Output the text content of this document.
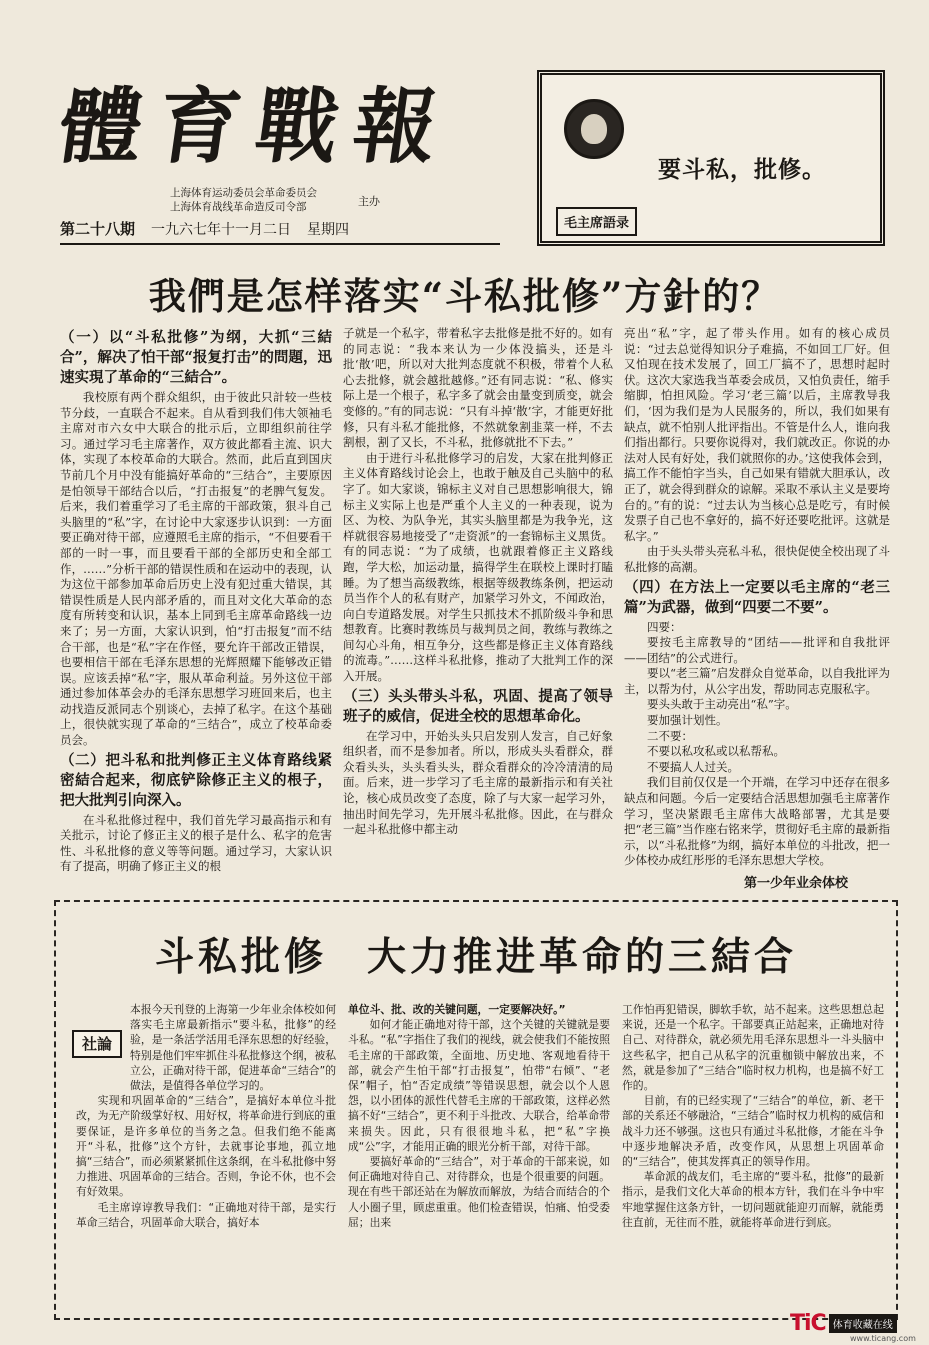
體 育 戰 報
上海体育运动委员会革命委员会
上海体育战线革命造反司令部	主办
第二十八期 一九六七年十一月二日 星期四	毛主席語录
要斗私，批修。
我們是怎样落实“斗私批修”方針的？
（一）以“斗私批修”为纲，大抓“三結合”，解决了怕干部“报复打击”的問題，迅速实現了革命的“三結合”。

我校原有两个群众組织，由于彼此只計较一些枝节分歧，一直联合不起来。自从看到我们伟大领袖毛主席对市六女中大联合的批示后，立即组织前往学习。通过学习毛主席著作，双方彼此都看主流、识大体，实现了本校革命的大联合。然而，此后直到国庆节前几个月中没有能搞好革命的“三结合”，主要原因是怕领导干部结合以后，“打击报复”的老脾气复发。后来，我们着重学习了毛主席的干部政策，狠斗自己头脑里的“私”字，在讨论中大家逐步认识到：一方面要正确对待干部，应遵照毛主席的指示，“不但要看干部的一时一事，而且要看干部的全部历史和全部工作，……”分析干部的错误性质和在运动中的表现，认为这位干部参加革命后历史上没有犯过重大错误，其错误性质是人民内部矛盾的，而且对文化大革命的态度有所转变和认识，基本上同到毛主席革命路线一边来了；另一方面，大家认识到，怕“打击报复”而不结合干部，也是“私”字在作怪，要允许干部改正错误，也要相信干部在毛泽东思想的光辉照耀下能够改正错误。应该丢掉“私”字，服从革命利益。另外这位干部通过参加体革会办的毛泽东思想学习班回来后，也主动找造反派同志个别谈心，去掉了私字。在这个基础上，很快就实现了革命的“三结合”，成立了校革命委员会。

（二）把斗私和批判修正主义体育路线紧密結合起来，彻底铲除修正主义的根子，把大批判引向深入。

在斗私批修过程中，我们首先学习最高指示和有关批示，讨论了修正主义的根子是什么、私字的危害性、斗私批修的意义等等问题。通过学习，大家认识有了提高，明确了修正主义的根

子就是一个私字，带着私字去批修是批不好的。如有的同志说：“我本来认为一少体没搞头，还是斗批‘散’吧，所以对大批判态度就不积极，带着个人私心去批修，就会越批越修。”还有同志说：“私、修实际上是一个根子，私字多了就会由量变到质变，就会变修的。”有的同志说：“只有斗掉‘散’字，才能更好批修，只有斗私才能批修，不然就象割韭菜一样，不去割根，割了又长，不斗私，批修就批不下去。”

由于进行斗私批修学习的启发，大家在批判修正主义体育路线讨论会上，也敢于触及自己头脑中的私字了。如大家谈，锦标主义对自己思想影响很大，锦标主义实际上也是严重个人主义的一种表现，说为区、为校、为队争光，其实头脑里都是为我争光，这样就很容易地接受了“走资派”的一套锦标主义黑货。有的同志说：“为了成绩，也就跟着修正主义路线跑，学大松，加运动量，搞得学生在联校上课时打瞌睡。为了想当高级教练，根据等级教练条例，把运动员当作个人的私有财产，加紧学习外文，不闻政治，向白专道路发展。对学生只抓技术不抓阶级斗争和思想教育。比赛时教练员与裁判员之间，教练与教练之间勾心斗角，相互争分，这些都是修正主义体育路线的流毒。”……这样斗私批修，推动了大批判工作的深入开展。

（三）头头带头斗私，巩固、提高了领导班子的威信，促进全校的思想革命化。

在学习中，开始头头只启发别人发言，自己好象组织者，而不是参加者。所以，形成头头看群众，群众看头头，头头看头头，群众看群众的冷冷清清的局面。后来，进一步学习了毛主席的最新指示和有关社论，核心成员改变了态度，除了与大家一起学习外，抽出时间先学习，先开展斗私批修。因此，在与群众一起斗私批修中都主动

亮出“私”字，起了带头作用。如有的核心成员说：“过去总觉得知识分子难搞，不如回工厂好。但又怕现在技术发展了，回工厂搞不了，思想时起时伏。这次大家选我当革委会成员，又怕负责任，缩手缩脚，怕担风险。学习‘老三篇’以后，主席教导我们，‘因为我们是为人民服务的，所以，我们如果有缺点，就不怕别人批评指出。不管是什么人，谁向我们指出都行。只要你说得对，我们就改正。你说的办法对人民有好处，我们就照你的办。’这使我体会到，搞工作不能怕字当头，自己如果有错就大胆承认，改正了，就会得到群众的谅解。采取不承认主义是要垮台的。”有的说：“过去认为当核心总是吃亏，有时候发票子自己也不拿好的，搞不好还要吃批评。这就是私字。”

由于头头带头亮私斗私，很快促使全校出现了斗私批修的高潮。

（四）在方法上一定要以毛主席的“老三篇”为武器，做到“四要二不要”。

四要：

要按毛主席教导的“团结——批评和自我批评——团结”的公式进行。

要以“老三篇”启发群众自觉革命，以自我批评为主，以帮为付，从公字出发，帮助同志克服私字。

要头头敢于主动亮出“私”字。

要加强计划性。

二不要：

不要以私攻私或以私帮私。

不要搞人人过关。

我们目前仅仅是一个开端，在学习中还存在很多缺点和问题。今后一定要结合活思想加强毛主席著作学习，坚决紧跟毛主席伟大战略部署，尤其是要把“老三篇”当作座右铭来学，贯彻好毛主席的最新指示，以“斗私批修”为纲，搞好本单位的斗批改，把一少体校办成红彤彤的毛泽东思想大学校。

第一少年业余体校
斗私批修 大力推进革命的三結合
社論

本报今天刊登的上海第一少年业余体校如何落实毛主席最新指示“要斗私，批修”的经验，是一条活学活用毛泽东思想的好经验，特别是他们牢牢抓住斗私批修这个纲，被私立公，正确对待干部，促进革命“三结合”的做法，是值得各单位学习的。

实现和巩固革命的“三结合”，是搞好本单位斗批改，为无产阶级掌好权、用好权，将革命进行到底的重要保证，是许多单位的当务之急。但我们绝不能离开“斗私，批修”这个方针，去就事论事地，孤立地搞“三结合”，而必须紧紧抓住这条纲，在斗私批修中努力推进、巩固革命的三结合。否则，争论不休，也不会有好效果。

毛主席谆谆教导我们：“正确地对待干部，是实行革命三结合，巩固革命大联合，搞好本

单位斗、批、改的关键问题，一定要解决好。”

如何才能正确地对待干部，这个关键的关键就是要斗私。“私”字指住了我们的视线，就会使我们不能按照毛主席的干部政策，全面地、历史地、客观地看待干部，就会产生怕干部“打击报复”，怕带“右倾”、“老保”帽子，怕“否定成绩”等错误思想，就会以个人恩怨，以小团体的派性代替毛主席的干部政策，这样必然搞不好“三结合”，更不利于斗批改、大联合，给革命带来损失。因此，只有很很地斗私，把“私”字换成“公”字，才能用正确的眼光分析干部，对待干部。

要搞好革命的“三结合”，对于革命的干部来说，如何正确地对待自己、对待群众，也是个很重要的问题。现在有些干部还站在为解放而解放，为结合而结合的个人小圈子里，顾虑重重。他们检查错误，怕痛、怕受委屈；出来

工作怕再犯错误，脚软手软，站不起来。这些思想总起来说，还是一个私字。干部要真正站起来，正确地对待自己、对待群众，就必须先用毛泽东思想斗一斗头脑中这些私字，把自己从私字的沉重枷锁中解放出来，不然，就是参加了“三结合”临时权力机构，也是搞不好工作的。

目前，有的已经实现了“三结合”的单位，新、老干部的关系还不够融洽，“三结合”临时权力机构的威信和战斗力还不够强。这也只有通过斗私批修，才能在斗争中逐步地解决矛盾，改变作风，从思想上巩固革命的“三结合”，使其发挥真正的领导作用。

革命派的战友们，毛主席的“要斗私，批修”的最新指示，是我们文化大革命的根本方针，我们在斗争中牢牢地掌握住这条方针，一切问题就能迎刃而解，就能勇往直前，无往而不胜，就能将革命进行到底。

TiC 体育收藏在线
www.ticang.com
